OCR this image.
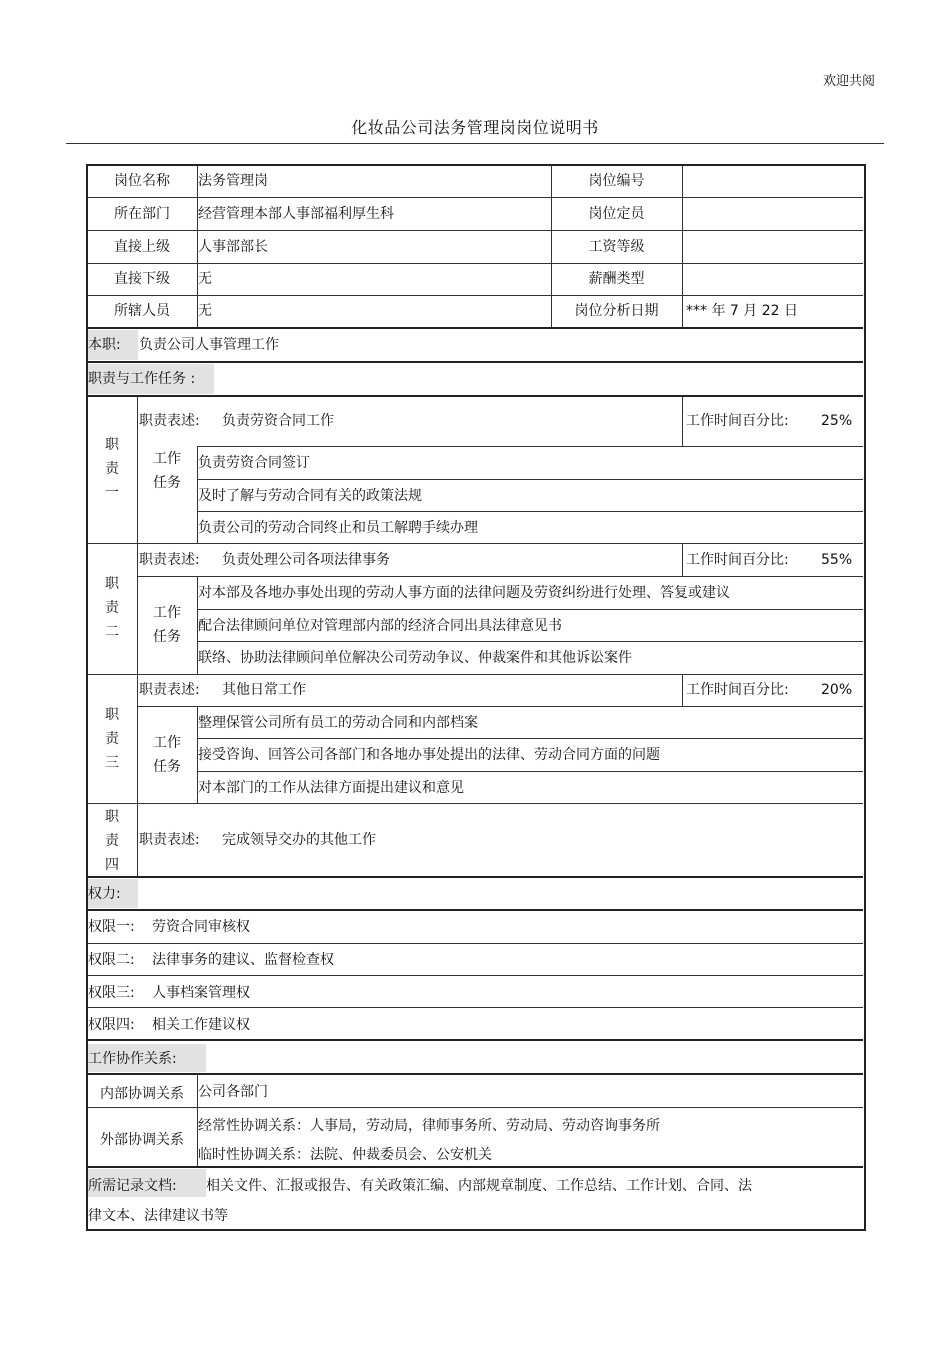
欢迎共阅
化妆品公司法务管理岗岗位说明书
岗位名称	法务管理岗	岗位编号
所在部门	经营管理本部人事部福利厚生科	岗位定员
直接上级	人事部部长	工资等级
直接下级	无	薪酬类型
所辖人员	无	岗位分析日期	*** 年 7 月 22 日
本职: 负责公司人事管理工作
职责与工作任务 :
职
责
一
职责表述: 负责劳资合同工作	工作时间百分比: 25%
工作
任务
负责劳资合同签订
及时了解与劳动合同有关的政策法规
负责公司的劳动合同终止和员工解聘手续办理
职
责
二
职责表述: 负责处理公司各项法律事务	工作时间百分比: 55%
工作
任务
对本部及各地办事处出现的劳动人事方面的法律问题及劳资纠纷进行处理、答复或建议
配合法律顾问单位对管理部内部的经济合同出具法律意见书
联络、协助法律顾问单位解决公司劳动争议、仲裁案件和其他诉讼案件
职
责
三
职责表述: 其他日常工作	工作时间百分比: 20%
工作
任务
整理保管公司所有员工的劳动合同和内部档案
接受咨询、回答公司各部门和各地办事处提出的法律、劳动合同方面的问题
对本部门的工作从法律方面提出建议和意见
职
责
四
职责表述: 完成领导交办的其他工作
权力:
权限一: 劳资合同审核权
权限二: 法律事务的建议、监督检查权
权限三: 人事档案管理权
权限四: 相关工作建议权
工作协作关系:
内部协调关系	公司各部门
外部协调关系
经常性协调关系：人事局，劳动局，律师事务所、劳动局、劳动咨询事务所
临时性协调关系：法院、仲裁委员会、公安机关
所需记录文档: 相关文件、汇报或报告、有关政策汇编、内部规章制度、工作总结、工作计划、合同、法
律文本、法律建议书等
